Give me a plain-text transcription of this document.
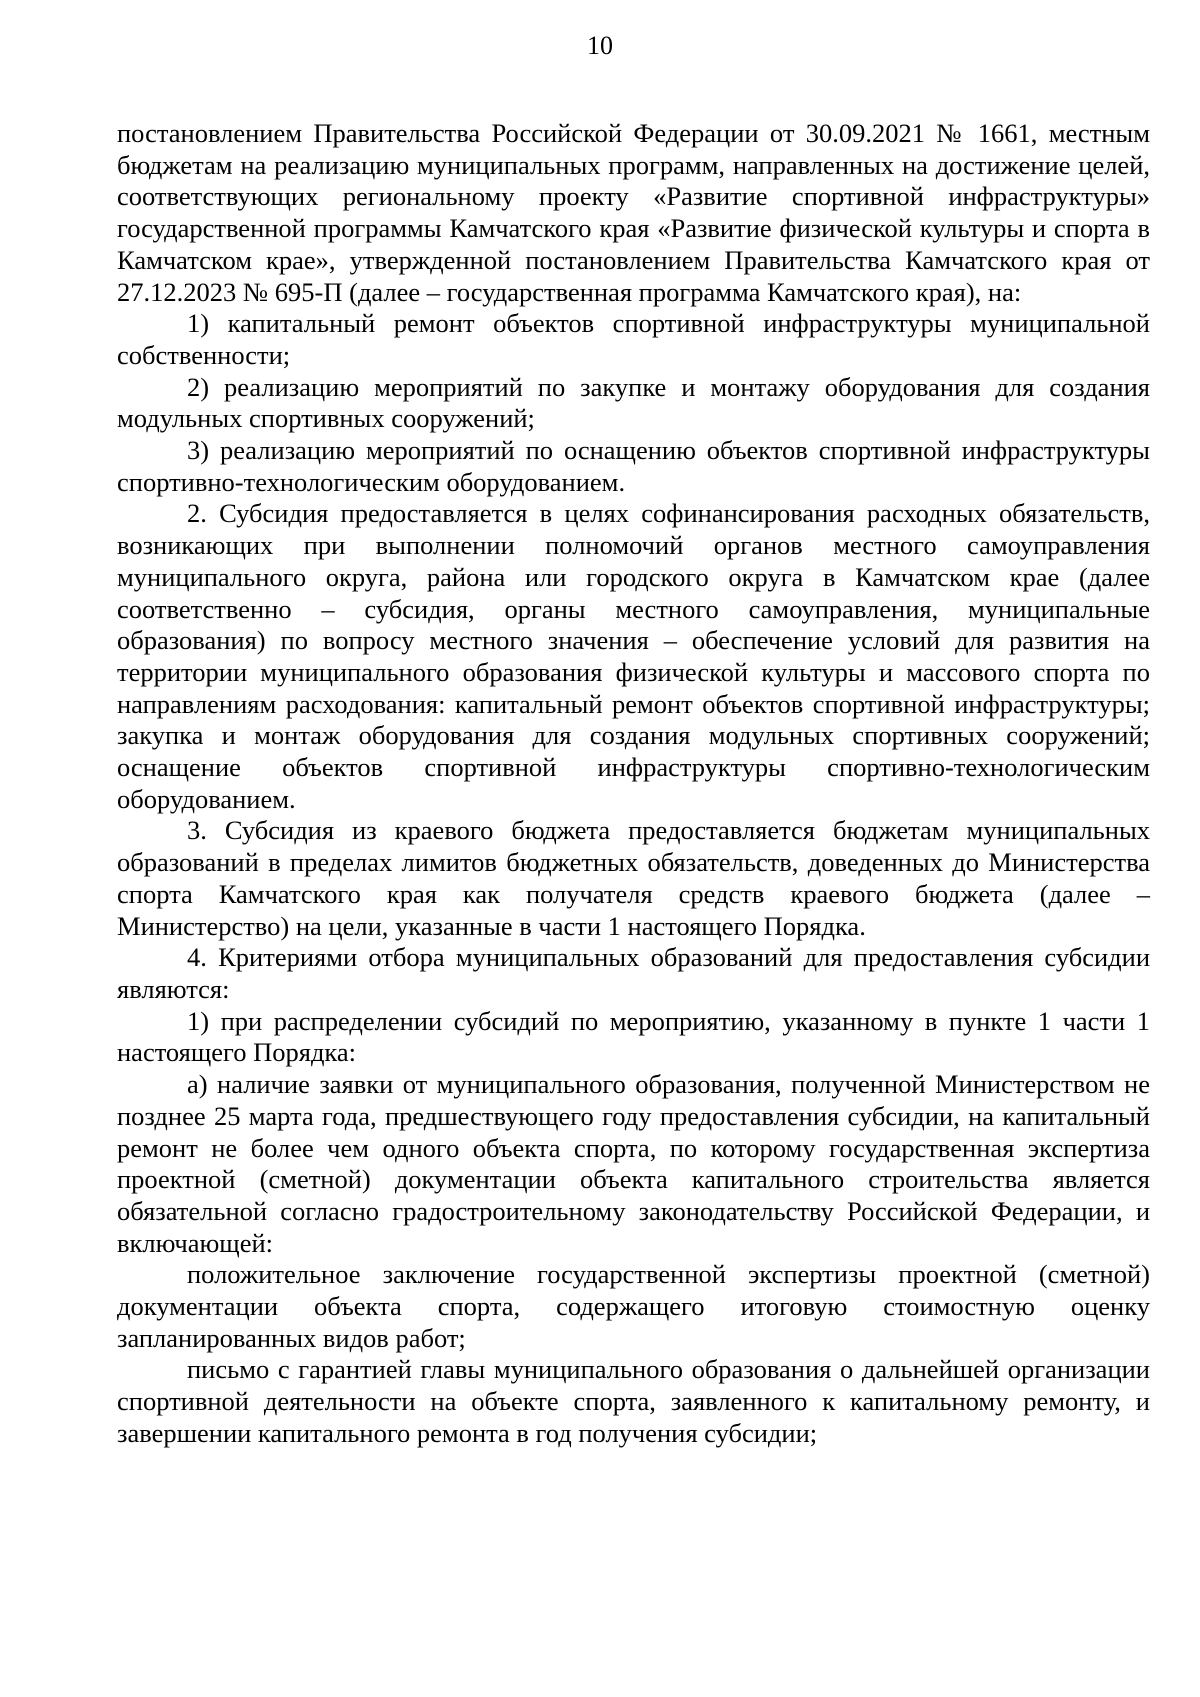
10

постановлением Правительства Российской Федерации от 30.09.2021 № 1661, местным бюджетам на реализацию муниципальных программ, направленных на достижение целей, соответствующих региональному проекту «Развитие спортивной инфраструктуры» государственной программы Камчатского края «Развитие физической культуры и спорта в Камчатском крае», утвержденной постановлением Правительства Камчатского края от 27.12.2023 № 695-П (далее – государственная программа Камчатского края), на:

1) капитальный ремонт объектов спортивной инфраструктуры муниципальной собственности;

2) реализацию мероприятий по закупке и монтажу оборудования для создания модульных спортивных сооружений;

3) реализацию мероприятий по оснащению объектов спортивной инфраструктуры спортивно-технологическим оборудованием.

2. Субсидия предоставляется в целях софинансирования расходных обязательств, возникающих при выполнении полномочий органов местного самоуправления муниципального округа, района или городского округа в Камчатском крае (далее соответственно – субсидия, органы местного самоуправления, муниципальные образования) по вопросу местного значения – обеспечение условий для развития на территории муниципального образования физической культуры и массового спорта по направлениям расходования: капитальный ремонт объектов спортивной инфраструктуры; закупка и монтаж оборудования для создания модульных спортивных сооружений; оснащение объектов спортивной инфраструктуры спортивно-технологическим оборудованием.

3. Субсидия из краевого бюджета предоставляется бюджетам муниципальных образований в пределах лимитов бюджетных обязательств, доведенных до Министерства спорта Камчатского края как получателя средств краевого бюджета (далее – Министерство) на цели, указанные в части 1 настоящего Порядка.

4. Критериями отбора муниципальных образований для предоставления субсидии являются:

1) при распределении субсидий по мероприятию, указанному в пункте 1 части 1 настоящего Порядка:

а) наличие заявки от муниципального образования, полученной Министерством не позднее 25 марта года, предшествующего году предоставления субсидии, на капитальный ремонт не более чем одного объекта спорта, по которому государственная экспертиза проектной (сметной) документации объекта капитального строительства является обязательной согласно градостроительному законодательству Российской Федерации, и включающей:

положительное заключение государственной экспертизы проектной (сметной) документации объекта спорта, содержащего итоговую стоимостную оценку запланированных видов работ;

письмо с гарантией главы муниципального образования о дальнейшей организации спортивной деятельности на объекте спорта, заявленного к капитальному ремонту, и завершении капитального ремонта в год получения субсидии;
